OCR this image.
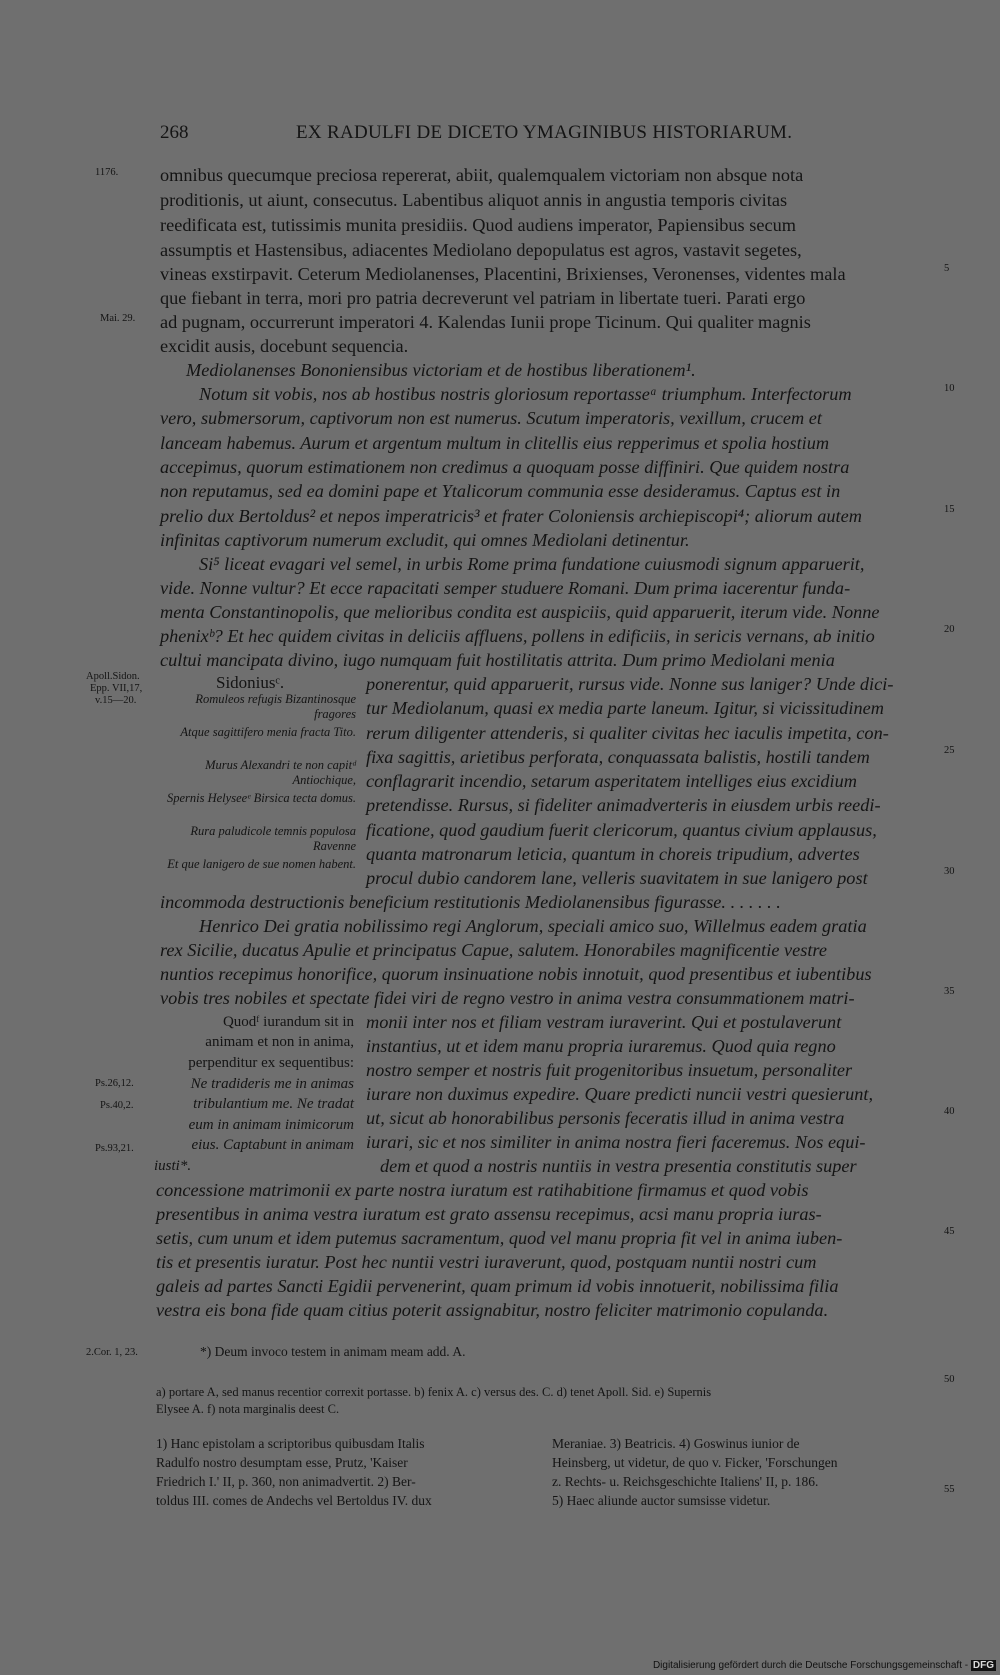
268	EX RADULFI DE DICETO YMAGINIBUS HISTORIARUM.
1176.
Mai. 29.
Apoll.Sidon.
Epp. VII,17,
v.15—20.
Ps.26,12.
Ps.40,2.
Ps.93,21.
2.Cor. 1, 23.
5
10
15
20
25
30
35
40
45
50
55
omnibus quecumque preciosa repererat, abiit, qualemqualem victoriam non absque nota
proditionis, ut aiunt, consecutus. Labentibus aliquot annis in angustia temporis civitas
reedificata est, tutissimis munita presidiis. Quod audiens imperator, Papiensibus secum
assumptis et Hastensibus, adiacentes Mediolano depopulatus est agros, vastavit segetes,
vineas exstirpavit. Ceterum Mediolanenses, Placentini, Brixienses, Veronenses, videntes mala
que fiebant in terra, mori pro patria decreverunt vel patriam in libertate tueri. Parati ergo
ad pugnam, occurrerunt imperatori 4. Kalendas Iunii prope Ticinum. Qui qualiter magnis
excidit ausis, docebunt sequencia.
Mediolanenses Bononiensibus victoriam et de hostibus liberationem¹.
Notum sit vobis, nos ab hostibus nostris gloriosum reportasseᵃ triumphum. Interfectorum
vero, submersorum, captivorum non est numerus. Scutum imperatoris, vexillum, crucem et
lanceam habemus. Aurum et argentum multum in clitellis eius repperimus et spolia hostium
accepimus, quorum estimationem non credimus a quoquam posse diffiniri. Que quidem nostra
non reputamus, sed ea domini pape et Ytalicorum communia esse desideramus. Captus est in
prelio dux Bertoldus² et nepos imperatricis³ et frater Coloniensis archiepiscopi⁴; aliorum autem
infinitas captivorum numerum excludit, qui omnes Mediolani detinentur.
Si⁵ liceat evagari vel semel, in urbis Rome prima fundatione cuiusmodi signum apparuerit,
vide. Nonne vultur? Et ecce rapacitati semper studuere Romani. Dum prima iacerentur funda-
menta Constantinopolis, que melioribus condita est auspiciis, quid apparuerit, iterum vide. Nonne
phenixᵇ? Et hec quidem civitas in deliciis affluens, pollens in edificiis, in sericis vernans, ab initio
cultui mancipata divino, iugo numquam fuit hostilitatis attrita. Dum primo Mediolani menia
Sidoniusᶜ.
Romuleos refugis Bizantinosque fragores
Atque sagittifero menia fracta Tito.
Murus Alexandri te non capitᵈ Antiochique,
Spernis Helyseeᵉ Birsica tecta domus.
Rura paludicole temnis populosa Ravenne
Et que lanigero de sue nomen habent.
ponerentur, quid apparuerit, rursus vide. Nonne sus laniger? Unde dici-
tur Mediolanum, quasi ex media parte laneum. Igitur, si vicissitudinem
rerum diligenter attenderis, si qualiter civitas hec iaculis impetita, con-
fixa sagittis, arietibus perforata, conquassata balistis, hostili tandem
conflagrarit incendio, setarum asperitatem intelliges eius excidium
pretendisse. Rursus, si fideliter animadverteris in eiusdem urbis reedi-
ficatione, quod gaudium fuerit clericorum, quantus civium applausus,
quanta matronarum leticia, quantum in choreis tripudium, advertes
procul dubio candorem lane, velleris suavitatem in sue lanigero post
incommoda destructionis beneficium restitutionis Mediolanensibus figurasse. . . . . . .
Henrico Dei gratia nobilissimo regi Anglorum, speciali amico suo, Willelmus eadem gratia
rex Sicilie, ducatus Apulie et principatus Capue, salutem. Honorabiles magnificentie vestre
nuntios recepimus honorifice, quorum insinuatione nobis innotuit, quod presentibus et iubentibus
vobis tres nobiles et spectate fidei viri de regno vestro in anima vestra consummationem matri-
Quodᶠ iurandum sit in
animam et non in anima,
perpenditur ex sequentibus:
Ne tradideris me in animas
tribulantium me. Ne tradat
eum in animam inimicorum
eius. Captabunt in animam
iusti*.
monii inter nos et filiam vestram iuraverint. Qui et postulaverunt
instantius, ut et idem manu propria iuraremus. Quod quia regno
nostro semper et nostris fuit progenitoribus insuetum, personaliter
iurare non duximus expedire. Quare predicti nuncii vestri quesierunt,
ut, sicut ab honorabilibus personis feceratis illud in anima vestra
iurari, sic et nos similiter in anima nostra fieri faceremus. Nos equi-
dem et quod a nostris nuntiis in vestra presentia constitutis super
concessione matrimonii ex parte nostra iuratum est ratihabitione firmamus et quod vobis
presentibus in anima vestra iuratum est grato assensu recepimus, acsi manu propria iuras-
setis, cum unum et idem putemus sacramentum, quod vel manu propria fit vel in anima iuben-
tis et presentis iuratur. Post hec nuntii vestri iuraverunt, quod, postquam nuntii nostri cum
galeis ad partes Sancti Egidii pervenerint, quam primum id vobis innotuerit, nobilissima filia
vestra eis bona fide quam citius poterit assignabitur, nostro feliciter matrimonio copulanda.
*) Deum invoco testem in animam meam add. A.
a) portare A, sed manus recentior correxit portasse. b) fenix A. c) versus des. C. d) tenet Apoll. Sid. e) Supernis
Elysee A. f) nota marginalis deest C.
1) Hanc epistolam a scriptoribus quibusdam Italis
Radulfo nostro desumptam esse, Prutz, 'Kaiser
Friedrich I.' II, p. 360, non animadvertit. 2) Ber-
toldus III. comes de Andechs vel Bertoldus IV. dux
Meraniae. 3) Beatricis. 4) Goswinus iunior de
Heinsberg, ut videtur, de quo v. Ficker, 'Forschungen
z. Rechts- u. Reichsgeschichte Italiens' II, p. 186.
5) Haec aliunde auctor sumsisse videtur.
Digitalisierung gefördert durch die Deutsche Forschungsgemeinschaft - DFG
